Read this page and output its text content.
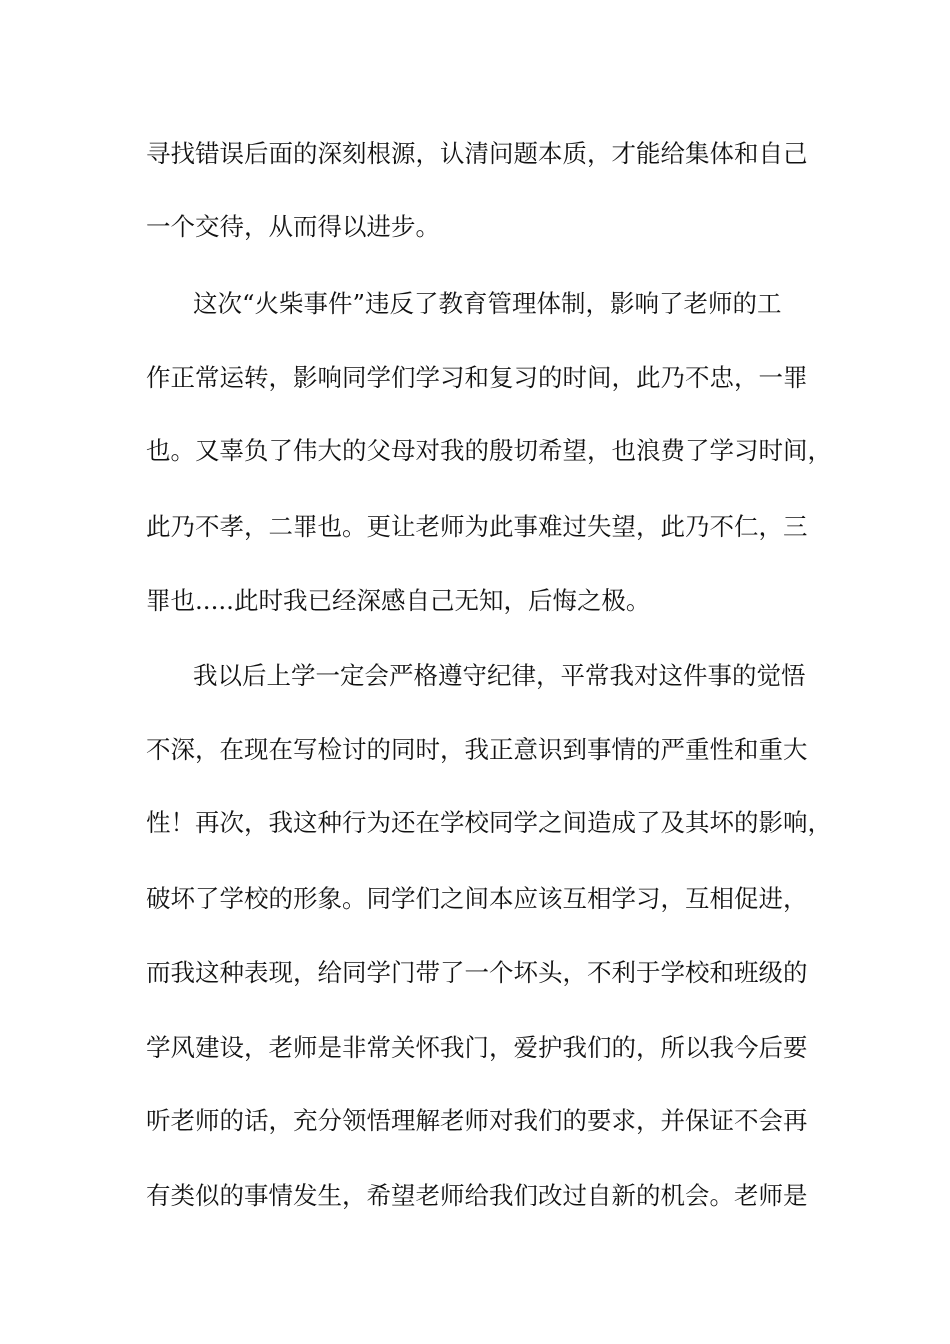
寻找错误后面的深刻根源，认清问题本质，才能给集体和自己
一个交待，从而得以进步。
这次“火柴事件”违反了教育管理体制，影响了老师的工
作正常运转，影响同学们学习和复习的时间，此乃不忠，一罪
也。又辜负了伟大的父母对我的殷切希望，也浪费了学习时间，
此乃不孝，二罪也。更让老师为此事难过失望，此乃不仁，三
罪也.....此时我已经深感自己无知，后悔之极。
我以后上学一定会严格遵守纪律，平常我对这件事的觉悟
不深，在现在写检讨的同时，我正意识到事情的严重性和重大
性！再次，我这种行为还在学校同学之间造成了及其坏的影响，
破坏了学校的形象。同学们之间本应该互相学习，互相促进，
而我这种表现，给同学门带了一个坏头，不利于学校和班级的
学风建设，老师是非常关怀我门，爱护我们的，所以我今后要
听老师的话，充分领悟理解老师对我们的要求，并保证不会再
有类似的事情发生，希望老师给我们改过自新的机会。老师是
